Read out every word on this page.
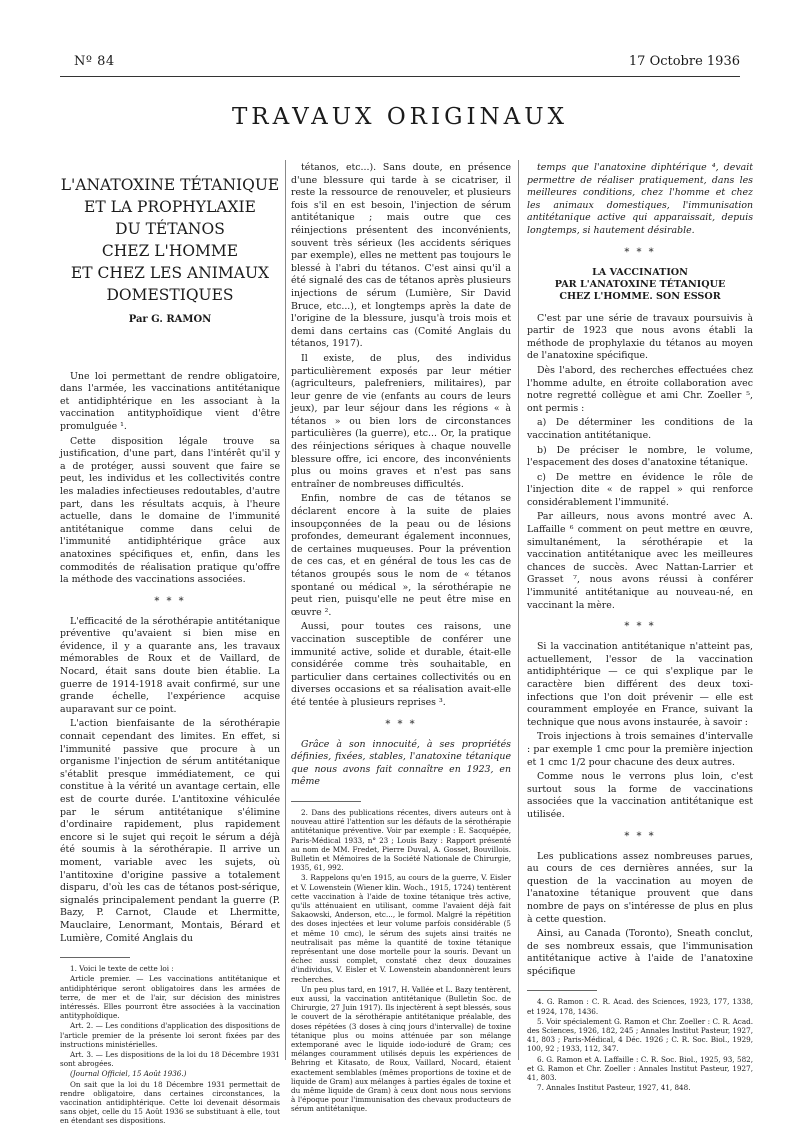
Nº 84	17 Octobre 1936
TRAVAUX ORIGINAUX
L'ANATOXINE TÉTANIQUE
ET LA PROPHYLAXIE
DU TÉTANOS
CHEZ L'HOMME
ET CHEZ LES ANIMAUX
DOMESTIQUES
Par G. RAMON

Une loi permettant de rendre obligatoire, dans l'armée, les vaccinations antitétanique et antidiphtérique en les associant à la vaccination antityphoïdique vient d'être promulguée ¹.

Cette disposition légale trouve sa justification, d'une part, dans l'intérêt qu'il y a de protéger, aussi souvent que faire se peut, les individus et les collectivités contre les maladies infectieuses redoutables, d'autre part, dans les résultats acquis, à l'heure actuelle, dans le domaine de l'immunité antitétanique comme dans celui de l'immunité antidiphtérique grâce aux anatoxines spécifiques et, enfin, dans les commodités de réalisation pratique qu'offre la méthode des vaccinations associées.

* * *

L'efficacité de la sérothérapie antitétanique préventive qu'avaient si bien mise en évidence, il y a quarante ans, les travaux mémorables de Roux et de Vaillard, de Nocard, était sans doute bien établie. La guerre de 1914-1918 avait confirmé, sur une grande échelle, l'expérience acquise auparavant sur ce point.

L'action bienfaisante de la sérothérapie connait cependant des limites. En effet, si l'immunité passive que procure à un organisme l'injection de sérum antitétanique s'établit presque immédiatement, ce qui constitue à la vérité un avantage certain, elle est de courte durée. L'antitoxine véhiculée par le sérum antitétanique s'élimine d'ordinaire rapidement, plus rapidement encore si le sujet qui reçoit le sérum a déjà été soumis à la sérothérapie. Il arrive un moment, variable avec les sujets, où l'antitoxine d'origine passive a totalement disparu, d'où les cas de tétanos post-sérique, signalés principalement pendant la guerre (P. Bazy, P. Carnot, Claude et Lhermitte, Mauclaire, Lenormant, Montais, Bérard et Lumière, Comité Anglais du

1. Voici le texte de cette loi :

Article premier. — Les vaccinations antitétanique et antidiphtérique seront obligatoires dans les armées de terre, de mer et de l'air, sur décision des ministres intéressés. Elles pourront être associées à la vaccination antityphoïdique.

Art. 2. — Les conditions d'application des dispositions de l'article premier de la présente loi seront fixées par des instructions ministérielles.

Art. 3. — Les dispositions de la loi du 18 Décembre 1931 sont abrogées.

(Journal Officiel, 15 Août 1936.)

On sait que la loi du 18 Décembre 1931 permettait de rendre obligatoire, dans certaines circonstances, la vaccination antidiphtérique. Cette loi devenait désormais sans objet, celle du 15 Août 1936 se substituant à elle, tout en étendant ses dispositions.

tétanos, etc...). Sans doute, en présence d'une blessure qui tarde à se cicatriser, il reste la ressource de renouveler, et plusieurs fois s'il en est besoin, l'injection de sérum antitétanique ; mais outre que ces réinjections présentent des inconvénients, souvent très sérieux (les accidents sériques par exemple), elles ne mettent pas toujours le blessé à l'abri du tétanos. C'est ainsi qu'il a été signalé des cas de tétanos après plusieurs injections de sérum (Lumière, Sir David Bruce, etc...), et longtemps après la date de l'origine de la blessure, jusqu'à trois mois et demi dans certains cas (Comité Anglais du tétanos, 1917).

Il existe, de plus, des individus particulièrement exposés par leur métier (agriculteurs, palefreniers, militaires), par leur genre de vie (enfants au cours de leurs jeux), par leur séjour dans les régions « à tétanos » ou bien lors de circonstances particulières (la guerre), etc... Or, la pratique des réinjections sériques à chaque nouvelle blessure offre, ici encore, des inconvénients plus ou moins graves et n'est pas sans entraîner de nombreuses difficultés.

Enfin, nombre de cas de tétanos se déclarent encore à la suite de plaies insoupçonnées de la peau ou de lésions profondes, demeurant également inconnues, de certaines muqueuses. Pour la prévention de ces cas, et en général de tous les cas de tétanos groupés sous le nom de « tétanos spontané ou médical », la sérothérapie ne peut rien, puisqu'elle ne peut être mise en œuvre ².

Aussi, pour toutes ces raisons, une vaccination susceptible de conférer une immunité active, solide et durable, était-elle considérée comme très souhaitable, en particulier dans certaines collectivités ou en diverses occasions et sa réalisation avait-elle été tentée à plusieurs reprises ³.

* * *

Grâce à son innocuité, à ses propriétés définies, fixées, stables, l'anatoxine tétanique que nous avons fait connaître en 1923, en même

2. Dans des publications récentes, divers auteurs ont à nouveau attiré l'attention sur les défauts de la sérothérapie antitétanique préventive. Voir par exemple : E. Sacquépée, Paris-Médical 1933, n° 23 ; Louis Bazy : Rapport présenté au nom de MM. Fredet, Pierre Duval, A. Gosset, Bouvillois. Bulletin et Mémoires de la Société Nationale de Chirurgie, 1935, 61, 992.

3. Rappelons qu'en 1915, au cours de la guerre, V. Eisler et V. Lowenstein (Wiener klin. Woch., 1915, 1724) tentèrent cette vaccination à l'aide de toxine tétanique très active, qu'ils atténuaient en utilisant, comme l'avaient déjà fait Sakaowski, Anderson, etc..., le formol. Malgré la répétition des doses injectées et leur volume parfois considérable (5 et même 10 cmc), le sérum des sujets ainsi traités ne neutralisait pas même la quantité de toxine tétanique représentant une dose mortelle pour la souris. Devant un échec aussi complet, constaté chez deux douzaines d'individus, V. Eisler et V. Lowenstein abandonnèrent leurs recherches.

Un peu plus tard, en 1917, H. Vallée et L. Bazy tentèrent, eux aussi, la vaccination antitétanique (Bulletin Soc. de Chirurgie, 27 Juin 1917). Ils injectèrent à sept blessés, sous le couvert de la sérothérapie antitétanique préalable, des doses répétées (3 doses à cinq jours d'intervalle) de toxine tétanique plus ou moins atténuée par son mélange extemporané avec le liquide iodo-ioduré de Gram; ces mélanges couramment utilisés depuis les expériences de Behring et Kitasato, de Roux, Vaillard, Nocard, étaient exactement semblables (mêmes proportions de toxine et de liquide de Gram) aux mélanges à parties égales de toxine et du même liquide de Gram) à ceux dont nous nous servions à l'époque pour l'immunisation des chevaux producteurs de sérum antitétanique.

temps que l'anatoxine diphtérique ⁴, devait permettre de réaliser pratiquement, dans les meilleures conditions, chez l'homme et chez les animaux domestiques, l'immunisation antitétanique active qui apparaissait, depuis longtemps, si hautement désirable.

* * *
LA VACCINATION
PAR L'ANATOXINE TÉTANIQUE
CHEZ L'HOMME. SON ESSOR

C'est par une série de travaux poursuivis à partir de 1923 que nous avons établi la méthode de prophylaxie du tétanos au moyen de l'anatoxine spécifique.

Dès l'abord, des recherches effectuées chez l'homme adulte, en étroite collaboration avec notre regretté collègue et ami Chr. Zoeller ⁵, ont permis :

a) De déterminer les conditions de la vaccination antitétanique.

b) De préciser le nombre, le volume, l'espacement des doses d'anatoxine tétanique.

c) De mettre en évidence le rôle de l'injection dite « de rappel » qui renforce considérablement l'immunité.

Par ailleurs, nous avons montré avec A. Laffaille ⁶ comment on peut mettre en œuvre, simultanément, la sérothérapie et la vaccination antitétanique avec les meilleures chances de succès. Avec Nattan-Larrier et Grasset ⁷, nous avons réussi à conférer l'immunité antitétanique au nouveau-né, en vaccinant la mère.

* * *

Si la vaccination antitétanique n'atteint pas, actuellement, l'essor de la vaccination antidiphtérique — ce qui s'explique par le caractère bien différent des deux toxi-infections que l'on doit prévenir — elle est couramment employée en France, suivant la technique que nous avons instaurée, à savoir :

Trois injections à trois semaines d'intervalle : par exemple 1 cmc pour la première injection et 1 cmc 1/2 pour chacune des deux autres.

Comme nous le verrons plus loin, c'est surtout sous la forme de vaccinations associées que la vaccination antitétanique est utilisée.

* * *

Les publications assez nombreuses parues, au cours de ces dernières années, sur la question de la vaccination au moyen de l'anatoxine tétanique prouvent que dans nombre de pays on s'intéresse de plus en plus à cette question.

Ainsi, au Canada (Toronto), Sneath conclut, de ses nombreux essais, que l'immunisation antitétanique active à l'aide de l'anatoxine spécifique

4. G. Ramon : C. R. Acad. des Sciences, 1923, 177, 1338, et 1924, 178, 1436.

5. Voir spécialement G. Ramon et Chr. Zoeller : C. R. Acad. des Sciences, 1926, 182, 245 ; Annales Institut Pasteur, 1927, 41, 803 ; Paris-Médical, 4 Déc. 1926 ; C. R. Soc. Biol., 1929, 100, 92 ; 1933, 112, 347.

6. G. Ramon et A. Laffaille : C. R. Soc. Biol., 1925, 93, 582, et G. Ramon et Chr. Zoeller : Annales Institut Pasteur, 1927, 41, 803.

7. Annales Institut Pasteur, 1927, 41, 848.
